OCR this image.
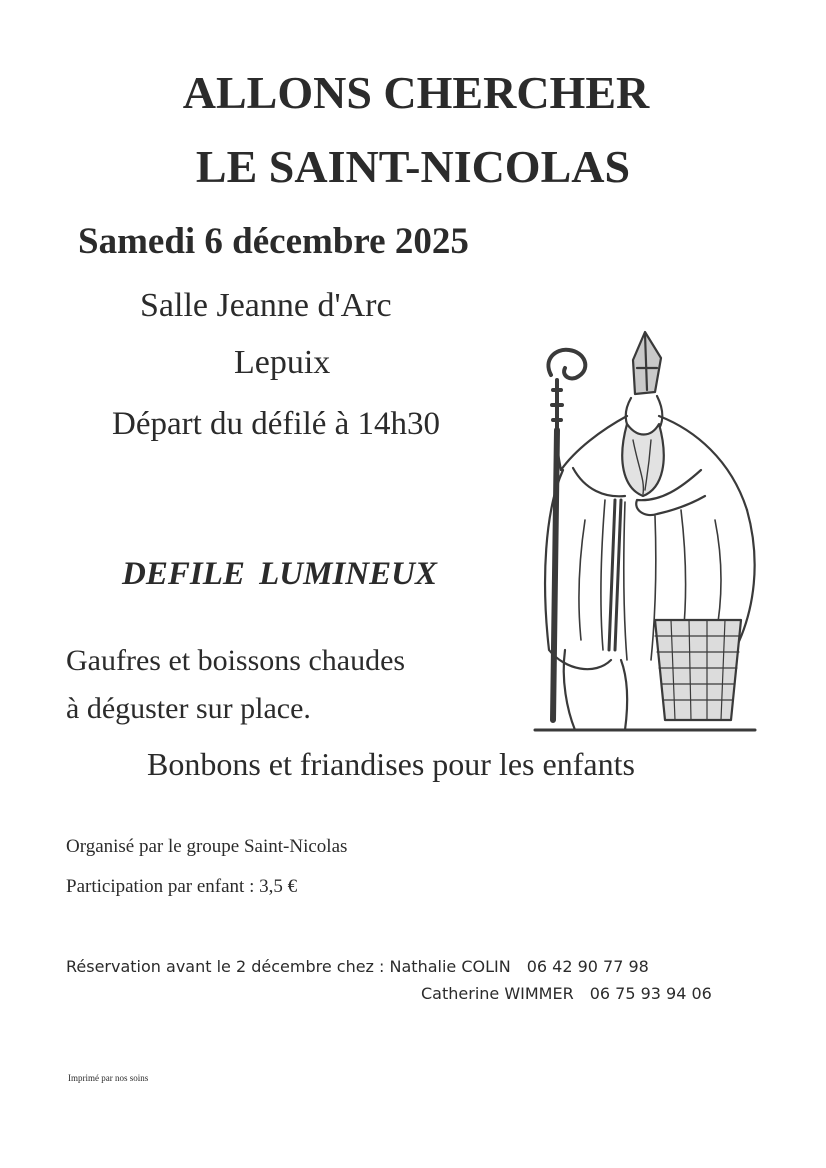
ALLONS CHERCHER
LE SAINT-NICOLAS
Samedi 6 décembre 2025
Salle Jeanne d'Arc
Lepuix
Départ du défilé à 14h30
DEFILE LUMINEUX
Gaufres et boissons chaudes
à déguster sur place.
Bonbons et friandises pour les enfants
Organisé par le groupe Saint-Nicolas
Participation par enfant : 3,5 €
Réservation avant le 2 décembre chez : Nathalie COLIN 06 42 90 77 98
Catherine WIMMER 06 75 93 94 06
Imprimé par nos soins
